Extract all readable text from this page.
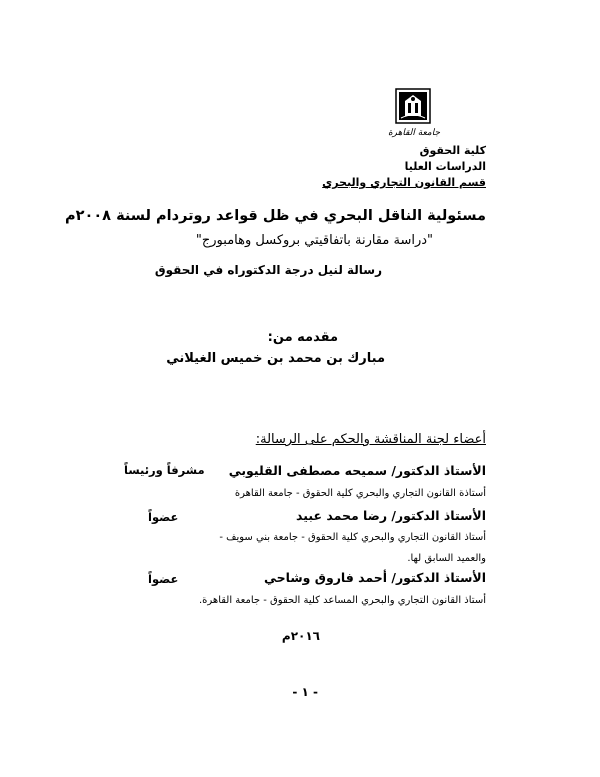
جامعة القاهرة
كلية الحقوق
الدراسات العليا
قسم القانون التجاري والبحري
مسئولية الناقل البحري في ظل قواعد روتردام لسنة ٢٠٠٨م
"دراسة مقارنة باتفاقيتي بروكسل وهامبورج"
رسالة لنيل درجة الدكتوراه في الحقوق
مقدمه من:
مبارك بن محمد بن خميس الغيلاني
أعضاء لجنة المناقشة والحكم على الرسالة:
الأستاذ الدكتور/ سميحه مصطفى القليوبي
مشرفاً ورئيساً
أستاذة القانون التجاري والبحري كلية الحقوق - جامعة القاهرة
الأستاذ الدكتور/ رضا محمد عبيد
عضواً
أستاذ القانون التجاري والبحري كلية الحقوق - جامعة بني سويف -
والعميد السابق لها.
الأستاذ الدكتور/ أحمد فاروق وشاحي
عضواً
أستاذ القانون التجاري والبحري المساعد كلية الحقوق - جامعة القاهرة.
٢٠١٦م
- ١ -
